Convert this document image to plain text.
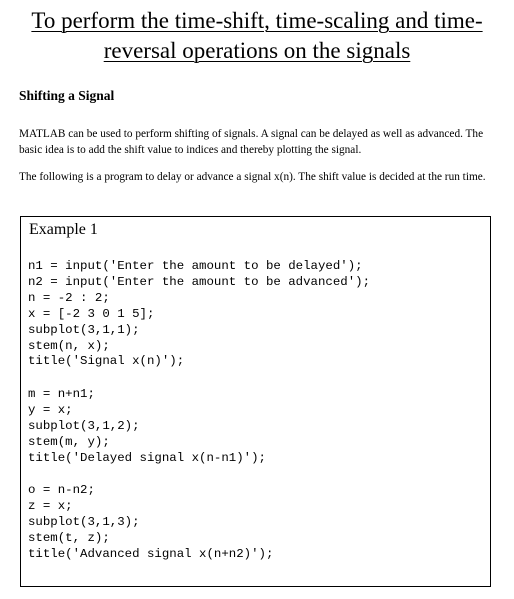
To perform the time-shift, time-scaling and time-
reversal operations on the signals
Shifting a Signal
MATLAB can be used to perform shifting of signals. A signal can be delayed as well as advanced. The basic idea is to add the shift value to indices and thereby plotting the signal.
The following is a program to delay or advance a signal x(n). The shift value is decided at the run time.
Example 1
n1 = input('Enter the amount to be delayed');
n2 = input('Enter the amount to be advanced');
n = -2 : 2;
x = [-2 3 0 1 5];
subplot(3,1,1);
stem(n, x);
title('Signal x(n)');
m = n+n1;
y = x;
subplot(3,1,2);
stem(m, y);
title('Delayed signal x(n-n1)');
o = n-n2;
z = x;
subplot(3,1,3);
stem(t, z);
title('Advanced signal x(n+n2)');
